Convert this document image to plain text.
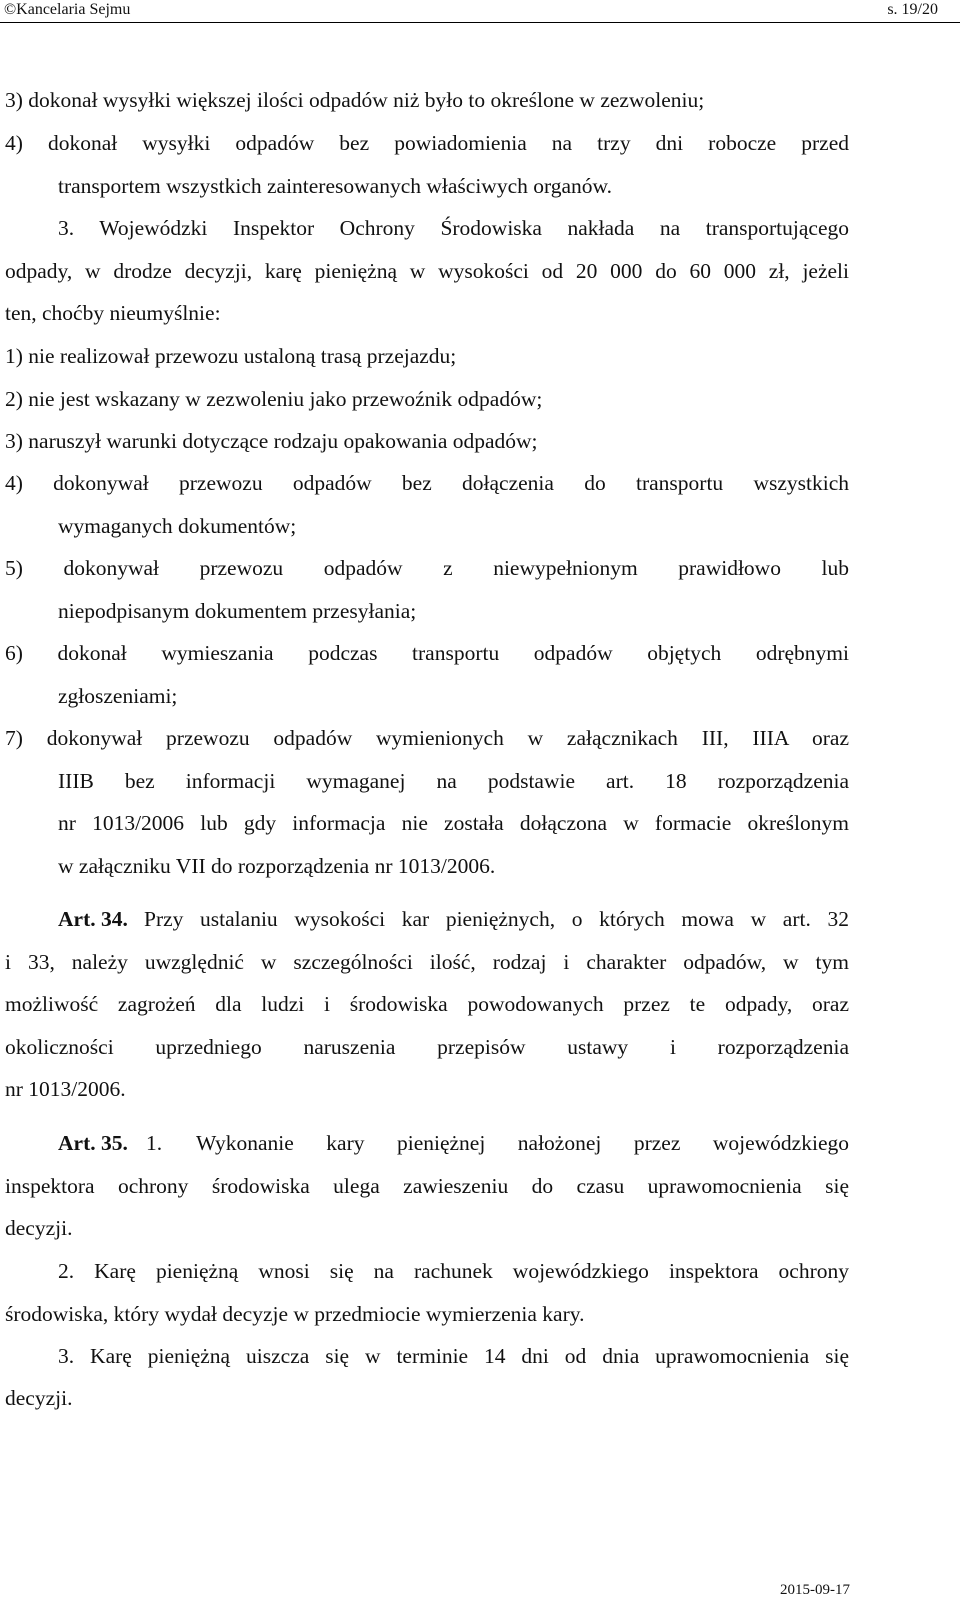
©Kancelaria Sejmu	s. 19/20
3) dokonał wysyłki większej ilości odpadów niż było to określone w zezwoleniu;
4) dokonał wysyłki odpadów bez powiadomienia na trzy dni robocze przed
transportem wszystkich zainteresowanych właściwych organów.
3. Wojewódzki Inspektor Ochrony Środowiska nakłada na transportującego
odpady, w drodze decyzji, karę pieniężną w wysokości od 20 000 do 60 000 zł, jeżeli
ten, choćby nieumyślnie:
1) nie realizował przewozu ustaloną trasą przejazdu;
2) nie jest wskazany w zezwoleniu jako przewoźnik odpadów;
3) naruszył warunki dotyczące rodzaju opakowania odpadów;
4) dokonywał przewozu odpadów bez dołączenia do transportu wszystkich
wymaganych dokumentów;
5) dokonywał przewozu odpadów z niewypełnionym prawidłowo lub
niepodpisanym dokumentem przesyłania;
6) dokonał wymieszania podczas transportu odpadów objętych odrębnymi
zgłoszeniami;
7) dokonywał przewozu odpadów wymienionych w załącznikach III, IIIA oraz
IIIB bez informacji wymaganej na podstawie art. 18 rozporządzenia
nr 1013/2006 lub gdy informacja nie została dołączona w formacie określonym
w załączniku VII do rozporządzenia nr 1013/2006.
Art. 34. Przy ustalaniu wysokości kar pieniężnych, o których mowa w art. 32
i 33, należy uwzględnić w szczególności ilość, rodzaj i charakter odpadów, w tym
możliwość zagrożeń dla ludzi i środowiska powodowanych przez te odpady, oraz
okoliczności uprzedniego naruszenia przepisów ustawy i rozporządzenia
nr 1013/2006.
Art. 35. 1. Wykonanie kary pieniężnej nałożonej przez wojewódzkiego
inspektora ochrony środowiska ulega zawieszeniu do czasu uprawomocnienia się
decyzji.
2. Karę pieniężną wnosi się na rachunek wojewódzkiego inspektora ochrony
środowiska, który wydał decyzje w przedmiocie wymierzenia kary.
3. Karę pieniężną uiszcza się w terminie 14 dni od dnia uprawomocnienia się
decyzji.
2015-09-17
